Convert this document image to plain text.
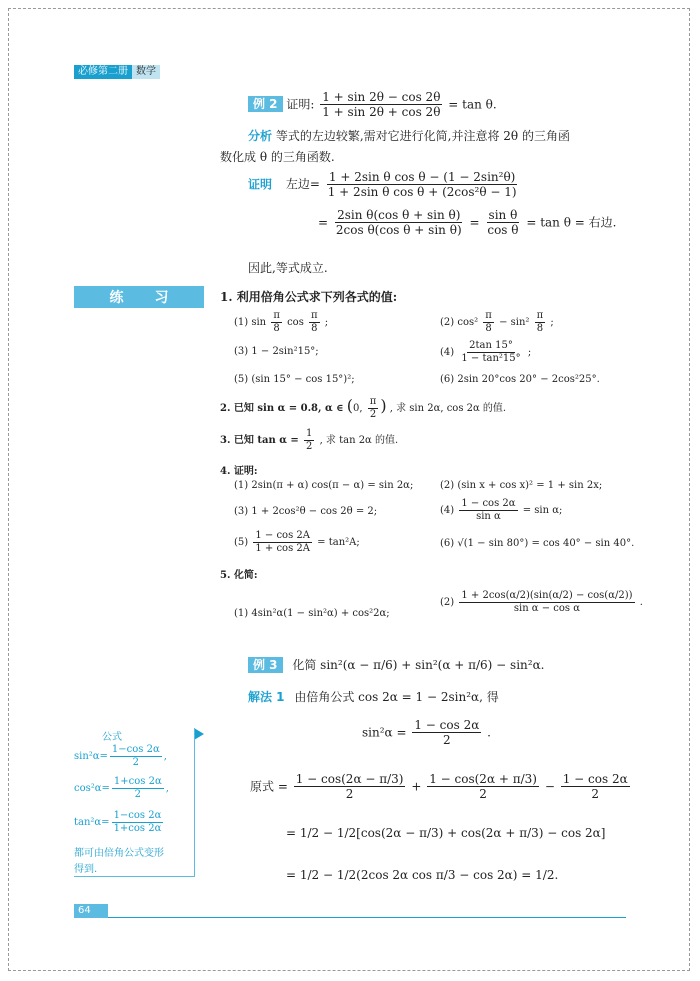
必修第二册 数学
例 2 证明: $\frac{1 + \sin 2\theta - \cos 2\theta}{1 + \sin 2\theta + \cos 2\theta} = \tan \theta$.
分析 等式的左边较繁,需对它进行化简,并注意将 2θ 的三角函
数化成 θ 的三角函数.
证明 左边= $\frac{\text{1 + 2sin θ cos θ − (1 − 2sin²θ)}}{\text{1 + 2sin θ cos θ + (2cos²θ − 1)}}$
= $\frac{\text{2sin θ(cos θ + sin θ)}}{\text{2cos θ(cos θ + sin θ)}} = \frac{\text{sin θ}}{\text{cos θ}} = \tan \theta$ = 右边.
因此,等式成立.
练 习	1. 利用倍角公式求下列各式的值:
(1) $\sin \frac{\pi}{8}$ $\cos \frac{\pi}{8}$ ;	(2) $\cos^2 \frac{\pi}{8} - \sin^2 \frac{\pi}{8}$ ;
(3) 1 − 2sin²15°;	$(4) \frac{2\tan 15^\circ}{\text{1 − tan²15°}}$ ;
(5) (sin 15° − cos 15°)²;	(6) 2sin 20°cos 20° − 2cos²25°.
2. 已知 sin α = 0.8, α ∈ (0, $\frac{\pi}{2}$ ) , 求 sin 2α, cos 2α 的值.
3. 已知 $\tan \alpha = \frac{1}{2}$ , 求 tan 2α 的值.
4. 证明:
(1) 2sin(π + α) cos(π − α) = sin 2α;	(2) (sin x + cos x)² = 1 + sin 2x;
(3) 1 + 2cos²θ − cos 2θ = 2;	$(4) \frac{1 - \cos 2\alpha}{\text{sin α}} = \sin \alpha$;
$(5) \frac{1 - \cos 2A}{1 + \cos 2A} = \tan^2A$;	(6) √(1 − sin 80°) = cos 40° − sin 40°.
5. 化简:
(1) 4sin²α(1 − sin²α) + cos²2α;
$(2) \frac{1 + 2\cos(\alpha/2)(\sin(\alpha/2) - \cos(\alpha/2))}{\text{sin α − cos α}}$ .
例 3 化简 sin²(α − π/6) + sin²(α + π/6) − sin²α.
解法 1 由倍角公式 cos 2α = 1 − 2sin²α, 得
$\sin^2\alpha = \frac{1 - \cos 2\alpha}{2}$ .
原式 = $\frac{1 - \cos(2\alpha - \pi/3)}{2} + \frac{1 - \cos(2\alpha + \pi/3)}{2} - \frac{1 - \cos 2\alpha}{2}$
= 1/2 − 1/2[cos(2α − π/3) + cos(2α + π/3) − cos 2α]
= 1/2 − 1/2(2cos 2α cos π/3 − cos 2α) = 1/2.
公式
$\sin^2\alpha= \frac{1-\cos 2\alpha}{2}$ ,
$\cos^2\alpha= \frac{1+\cos 2\alpha}{2}$ ,
$\tan^2\alpha= \frac{1-\cos 2\alpha}{1+\cos 2\alpha}$
都可由倍角公式变形
得到.
64
